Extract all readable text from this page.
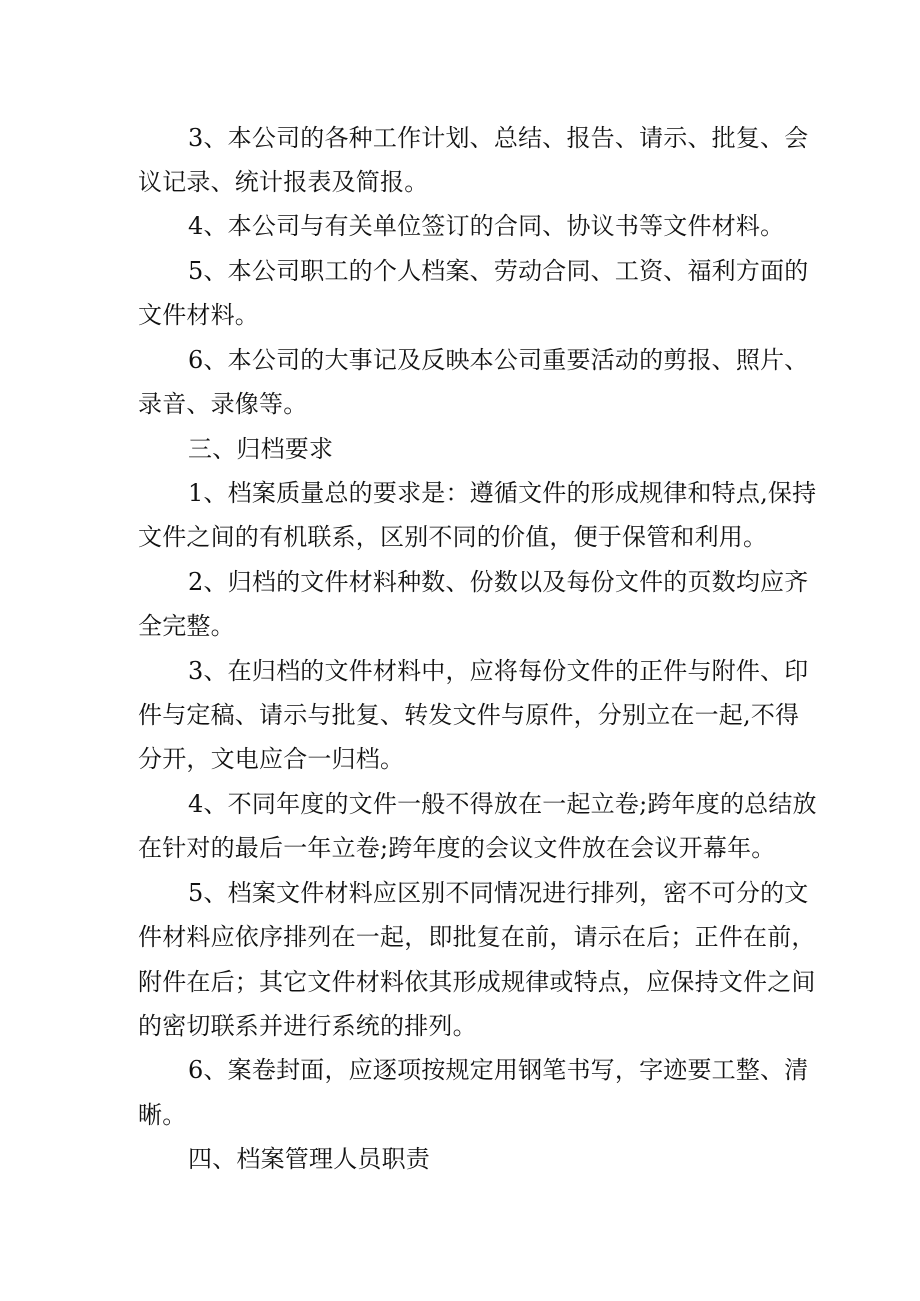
3、本公司的各种工作计划、总结、报告、请示、批复、会
议记录、统计报表及简报。
4、本公司与有关单位签订的合同、协议书等文件材料。
5、本公司职工的个人档案、劳动合同、工资、福利方面的
文件材料。
6、本公司的大事记及反映本公司重要活动的剪报、照片、
录音、录像等。
三、归档要求
1、档案质量总的要求是：遵循文件的形成规律和特点,保持
文件之间的有机联系，区别不同的价值，便于保管和利用。
2、归档的文件材料种数、份数以及每份文件的页数均应齐
全完整。
3、在归档的文件材料中，应将每份文件的正件与附件、印
件与定稿、请示与批复、转发文件与原件，分别立在一起,不得
分开，文电应合一归档。
4、不同年度的文件一般不得放在一起立卷;跨年度的总结放
在针对的最后一年立卷;跨年度的会议文件放在会议开幕年。
5、档案文件材料应区别不同情况进行排列，密不可分的文
件材料应依序排列在一起，即批复在前，请示在后；正件在前，
附件在后；其它文件材料依其形成规律或特点，应保持文件之间
的密切联系并进行系统的排列。
6、案卷封面，应逐项按规定用钢笔书写，字迹要工整、清
晰。
四、档案管理人员职责
